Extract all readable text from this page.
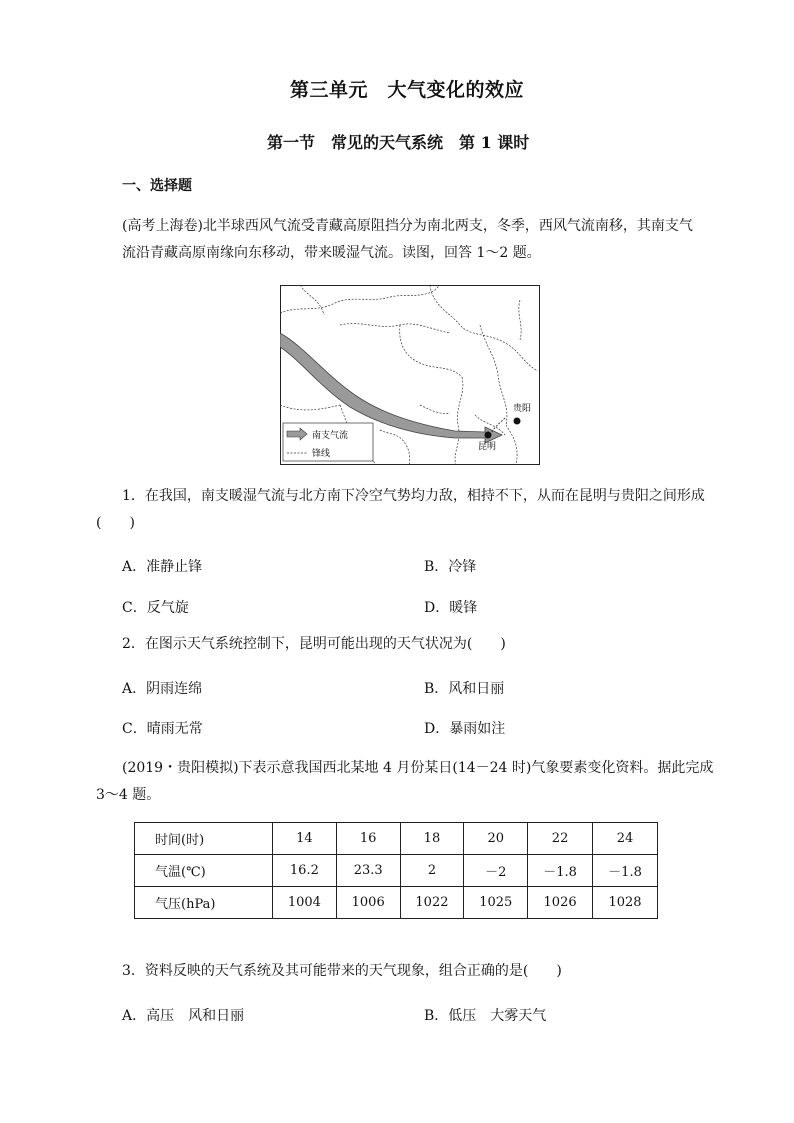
第三单元　大气变化的效应
第一节　常见的天气系统　第 1 课时
一、选择题
(高考上海卷)北半球西风气流受青藏高原阻挡分为南北两支，冬季，西风气流南移，其南支气
流沿青藏高原南缘向东移动，带来暖湿气流。读图，回答 1～2 题。
贵阳
昆明
南支气流
锋线
1．在我国，南支暖湿气流与北方南下冷空气势均力敌，相持不下，从而在昆明与贵阳之间形成
(　　)
A．准静止锋	B．冷锋
C．反气旋	D．暖锋
2．在图示天气系统控制下，昆明可能出现的天气状况为(　　)
A．阴雨连绵	B．风和日丽
C．晴雨无常	D．暴雨如注
(2019・贵阳模拟)下表示意我国西北某地 4 月份某日(14－24 时)气象要素变化资料。据此完成
3～4 题。
时间(时)	14	16	18	20	22	24
气温(℃)	16.2	23.3	2	－2	－1.8	－1.8
气压(hPa)	1004	1006	1022	1025	1026	1028
3．资料反映的天气系统及其可能带来的天气现象，组合正确的是(　　)
A．高压　风和日丽	B．低压　大雾天气
